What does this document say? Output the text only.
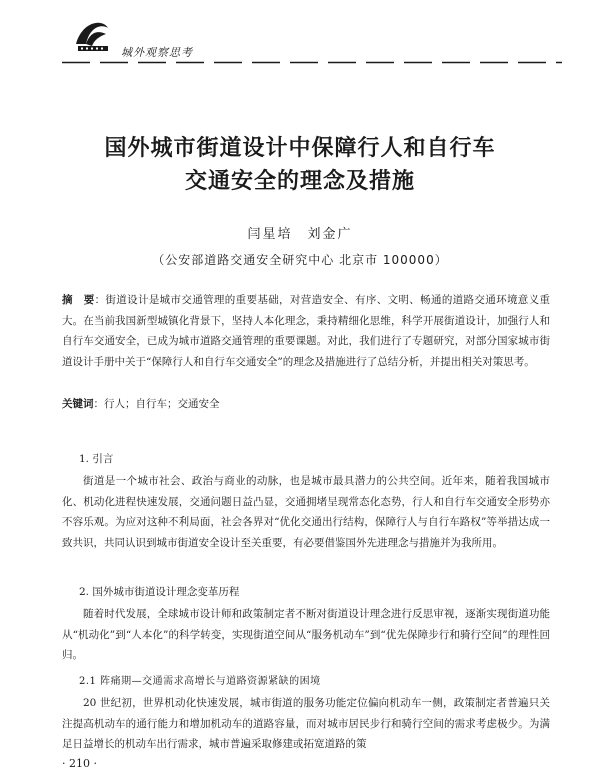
城外观察思考
国外城市街道设计中保障行人和自行车
交通安全的理念及措施
闫星培　刘金广
（公安部道路交通安全研究中心 北京市 100000）
摘　要：街道设计是城市交通管理的重要基础，对营造安全、有序、文明、畅通的道路交通环境意义重大。在当前我国新型城镇化背景下，坚持人本化理念，秉持精细化思维，科学开展街道设计，加强行人和自行车交通安全，已成为城市道路交通管理的重要课题。对此，我们进行了专题研究，对部分国家城市街道设计手册中关于“保障行人和自行车交通安全”的理念及措施进行了总结分析，并提出相关对策思考。
关键词：行人；自行车；交通安全
1. 引言
街道是一个城市社会、政治与商业的动脉，也是城市最具潜力的公共空间。近年来，随着我国城市化、机动化进程快速发展，交通问题日益凸显，交通拥堵呈现常态化态势，行人和自行车交通安全形势亦不容乐观。为应对这种不利局面，社会各界对“优化交通出行结构，保障行人与自行车路权”等举措达成一致共识，共同认识到城市街道安全设计至关重要，有必要借鉴国外先进理念与措施并为我所用。
2. 国外城市街道设计理念变革历程
随着时代发展，全球城市设计师和政策制定者不断对街道设计理念进行反思审视，逐渐实现街道功能从“机动化”到“人本化”的科学转变，实现街道空间从“服务机动车”到“优先保障步行和骑行空间”的理性回归。
2.1 阵痛期—交通需求高增长与道路资源紧缺的困境
20 世纪初，世界机动化快速发展，城市街道的服务功能定位偏向机动车一侧，政策制定者普遍只关注提高机动车的通行能力和增加机动车的道路容量，而对城市居民步行和骑行空间的需求考虑极少。为满足日益增长的机动车出行需求，城市普遍采取修建或拓宽道路的策
· 210 ·
